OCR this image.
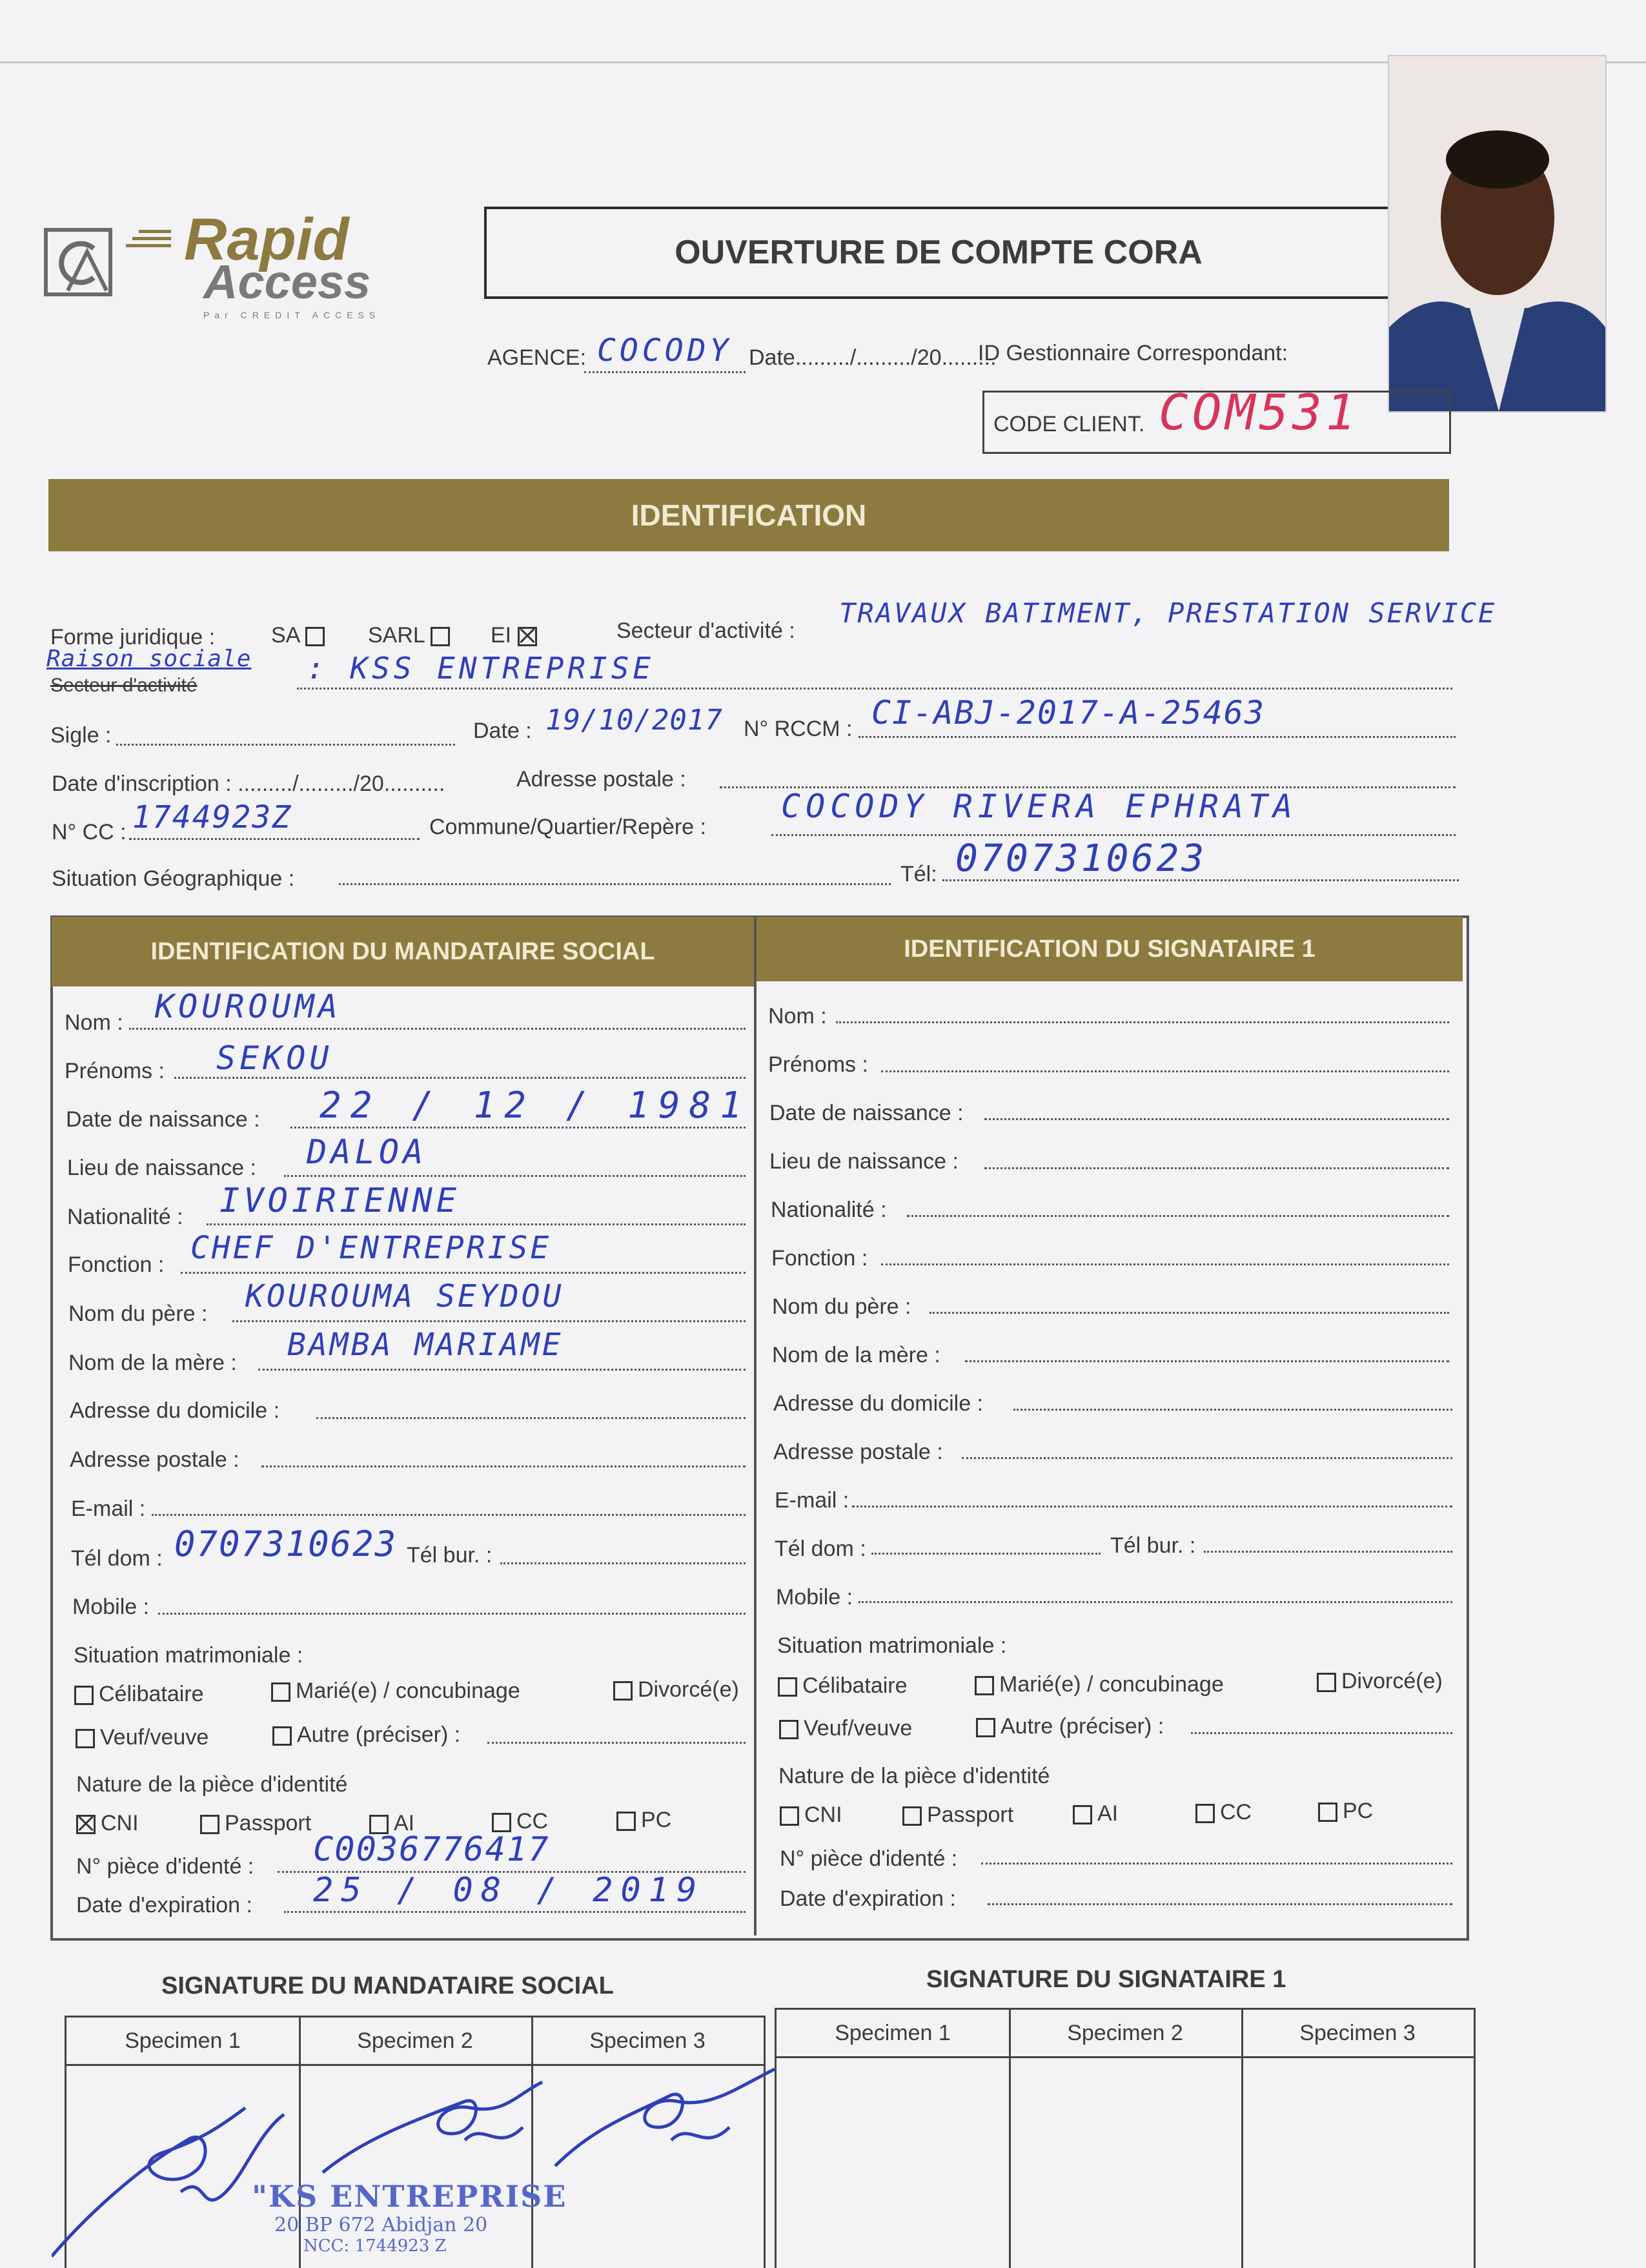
Rapid
Access
Par CREDIT ACCESS
OUVERTURE DE COMPTE CORA
AGENCE: COCODY Date........./........./20.........
ID Gestionnaire Correspondant:
CODE CLIENT. COM531
IDENTIFICATION
Forme juridique :	SA	SARL	EI	Secteur d'activité :
TRAVAUX BATIMENT, PRESTATION SERVICE
Raison sociale
Secteur d'activité	: KSS ENTREPRISE
Sigle :	Date : 19/10/2017 N° RCCM : CI-ABJ-2017-A-25463
Date d'inscription : ........./........./20..........	Adresse postale :
N° CC : 1744923Z	Commune/Quartier/Repère :
COCODY RIVERA EPHRATA
Situation Géographique :	Tél: 0707310623
IDENTIFICATION DU MANDATAIRE SOCIAL	IDENTIFICATION DU SIGNATAIRE 1
Nom : KOUROUMA
Prénoms : SEKOU
Date de naissance : 22 / 12 / 1981
Lieu de naissance : DALOA
Nationalité : IVOIRIENNE
Fonction : CHEF D'ENTREPRISE
Nom du père : KOUROUMA SEYDOU
Nom de la mère : BAMBA MARIAME
Adresse du domicile :
Adresse postale :
E-mail :
Tél dom : 0707310623 Tél bur. :
Mobile :
Situation matrimoniale :
Célibataire	Marié(e) / concubinage	Divorcé(e)
Veuf/veuve	Autre (préciser) :
Nature de la pièce d'identité
CNI	Passport	AI	CC	PC
N° pièce d'identé : C0036776417
Date d'expiration : 25 / 08 / 2019
Nom :
Prénoms :
Date de naissance :
Lieu de naissance :
Nationalité :
Fonction :
Nom du père :
Nom de la mère :
Adresse du domicile :
Adresse postale :
E-mail :
Tél dom :	Tél bur. :
Mobile :
Situation matrimoniale :
Célibataire	Marié(e) / concubinage	Divorcé(e)
Veuf/veuve	Autre (préciser) :
Nature de la pièce d'identité
CNI	Passport	AI	CC	PC
N° pièce d'identé :
Date d'expiration :
SIGNATURE DU MANDATAIRE SOCIAL	SIGNATURE DU SIGNATAIRE 1
Specimen 1	Specimen 2	Specimen 3	Specimen 1	Specimen 2	Specimen 3
"KS ENTREPRISE
20 BP 672 Abidjan 20
NCC: 1744923 Z
